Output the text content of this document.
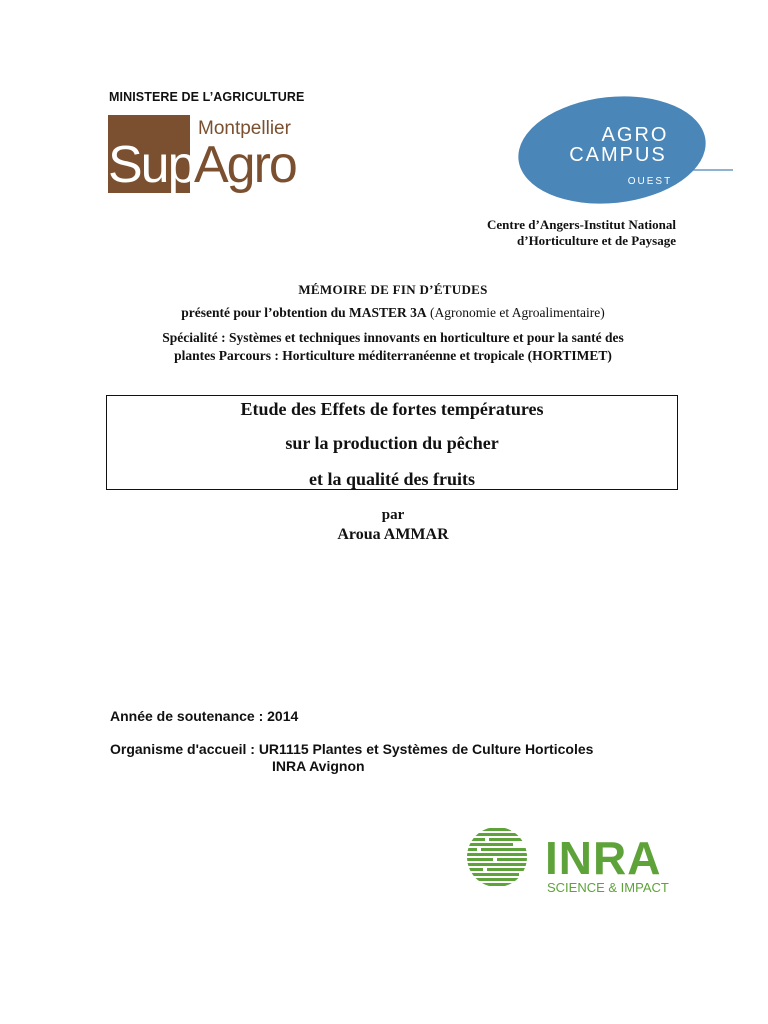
MINISTERE DE L’AGRICULTURE
Montpellier
Sup Agro
AGRO
CAMPUS
OUEST
Centre d’Angers-Institut National
d’Horticulture et de Paysage
MÉMOIRE DE FIN D’ÉTUDES
présenté pour l’obtention du MASTER 3A (Agronomie et Agroalimentaire)
Spécialité : Systèmes et techniques innovants en horticulture et pour la santé des
plantes Parcours : Horticulture méditerranéenne et tropicale (HORTIMET)
Etude des Effets de fortes températures
sur la production du pêcher
et la qualité des fruits
par
Aroua AMMAR
Année de soutenance : 2014
Organisme d'accueil : UR1115 Plantes et Systèmes de Culture Horticoles
INRA Avignon
INRA
SCIENCE & IMPACT
